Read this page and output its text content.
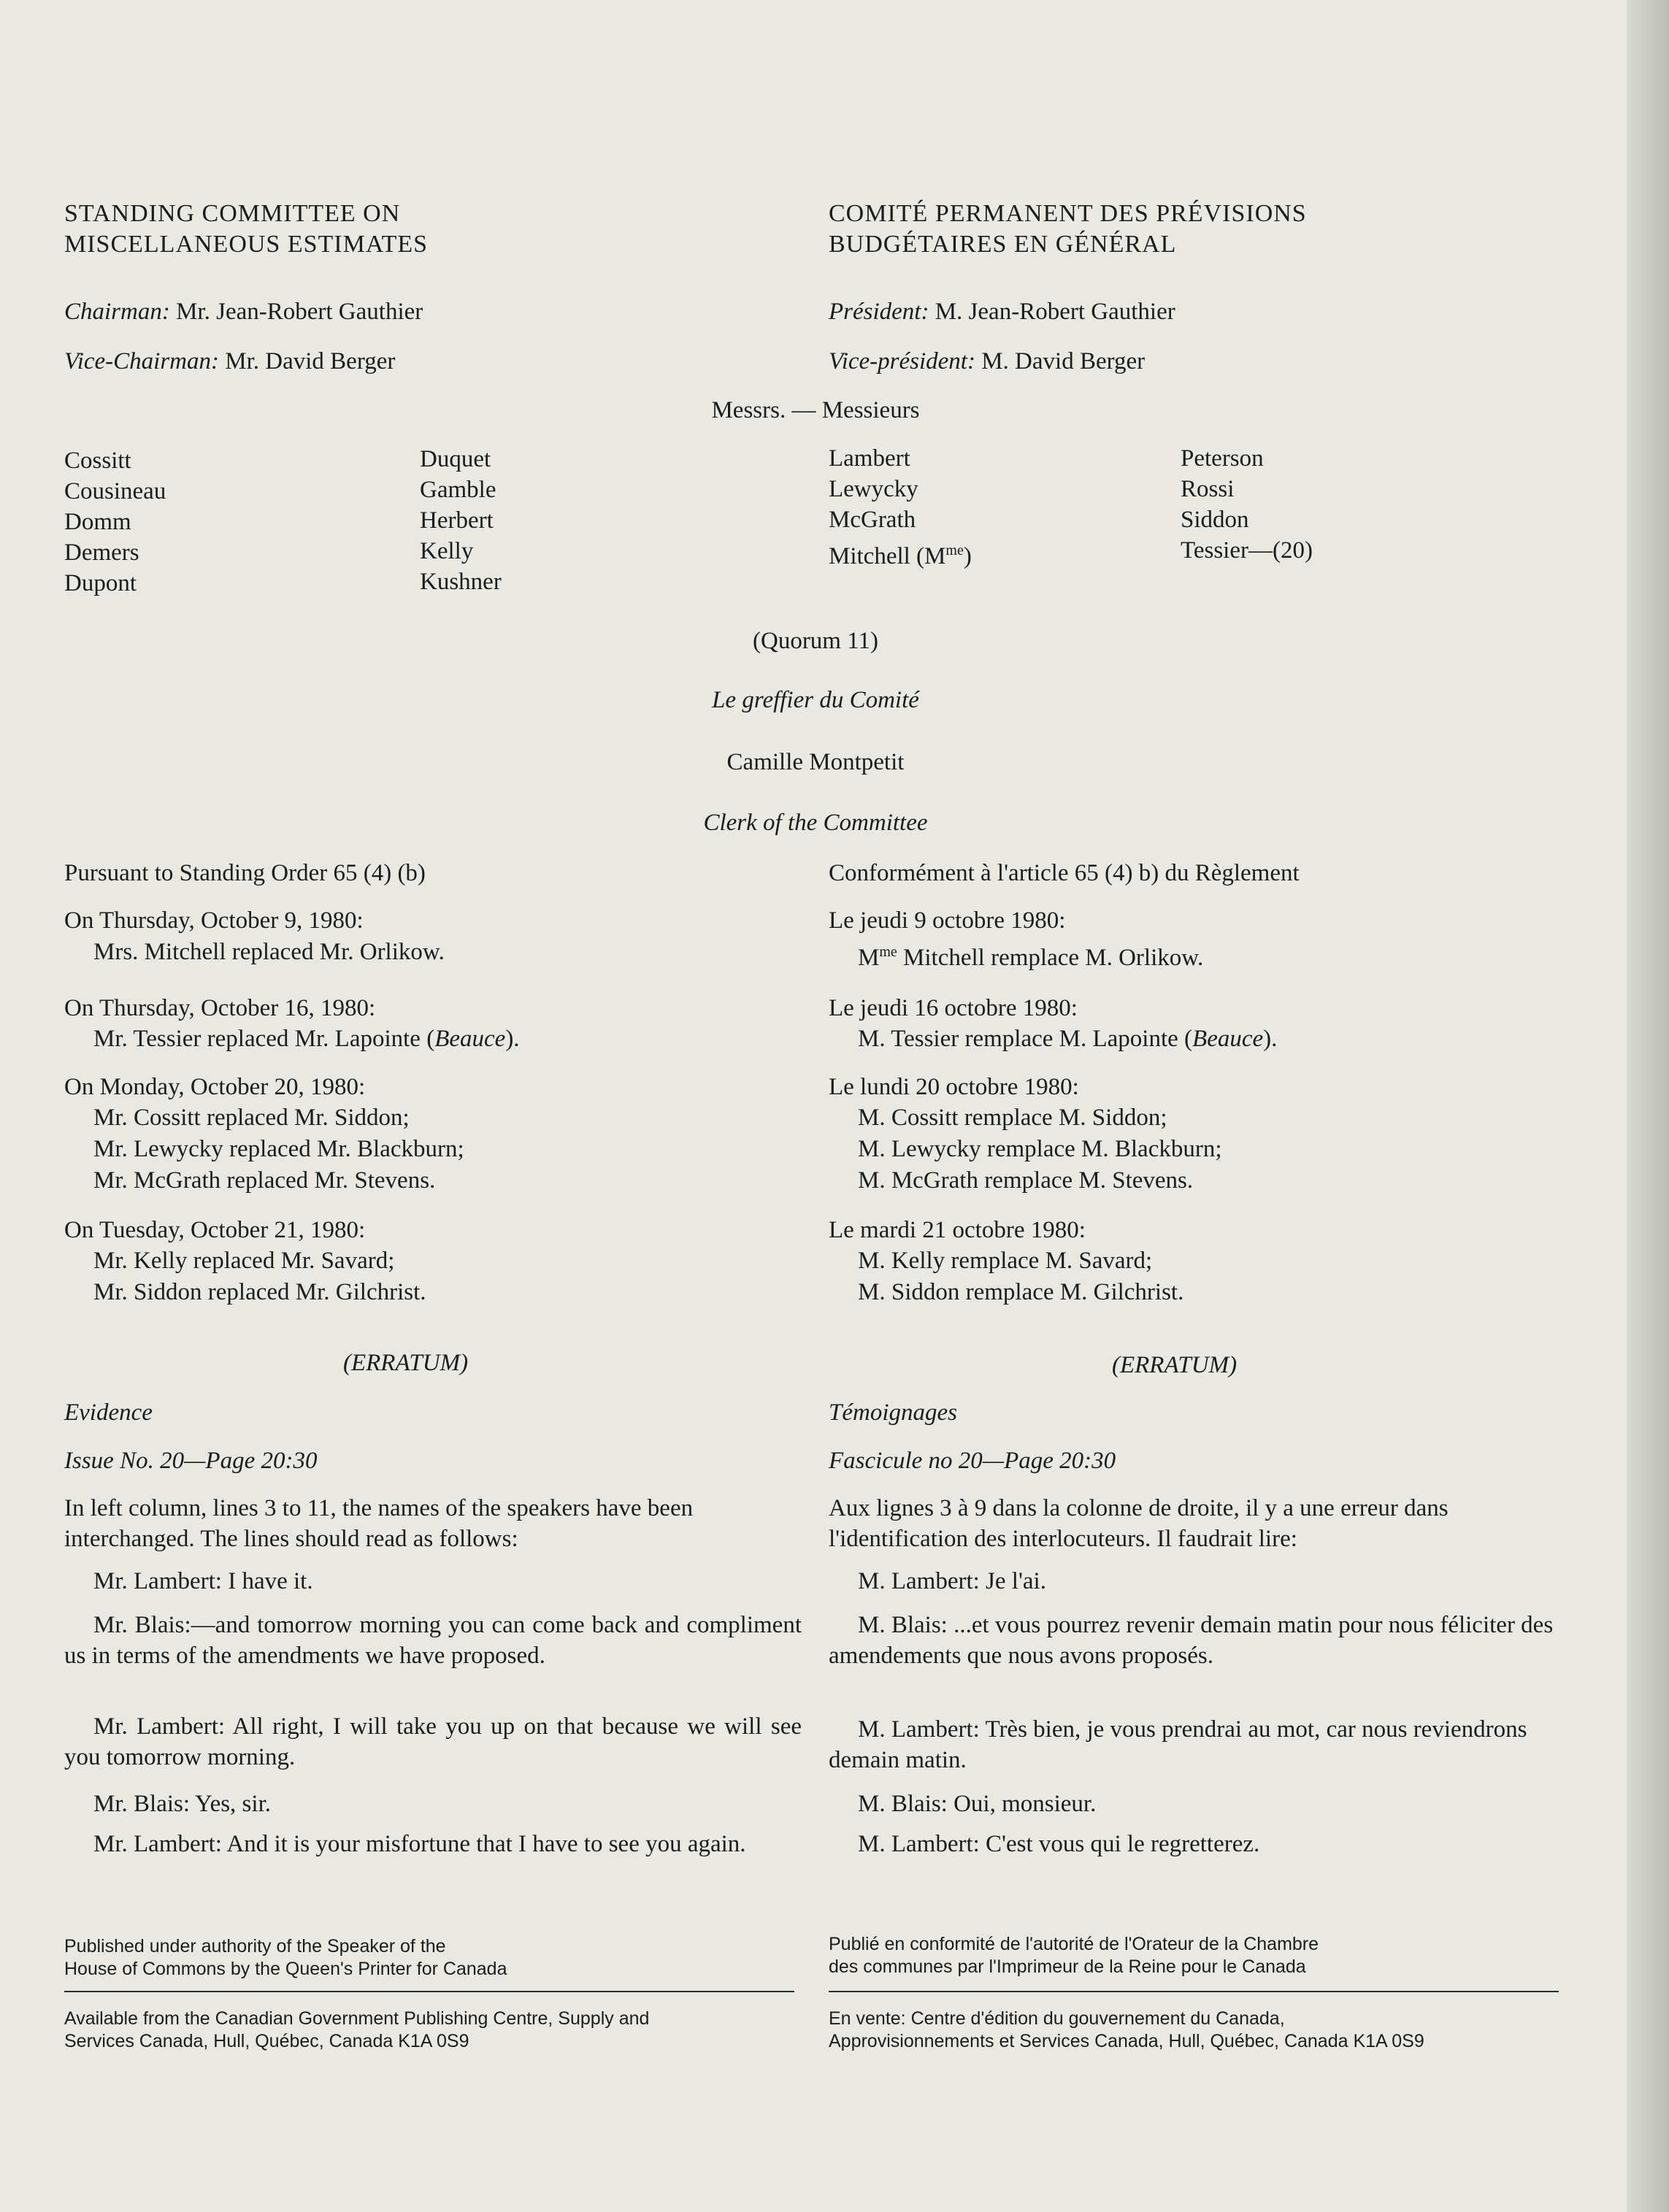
STANDING COMMITTEE ON
MISCELLANEOUS ESTIMATES
COMITÉ PERMANENT DES PRÉVISIONS
BUDGÉTAIRES EN GÉNÉRAL
Chairman: Mr. Jean-Robert Gauthier
Vice-Chairman: Mr. David Berger
Président: M. Jean-Robert Gauthier
Vice-président: M. David Berger
Messrs. — Messieurs
Cossitt
Cousineau
Domm
Demers
Dupont
Duquet
Gamble
Herbert
Kelly
Kushner
Lambert
Lewycky
McGrath
Mitchell $(M^{me})$
Peterson
Rossi
Siddon
Tessier—(20)
(Quorum 11)
Le greffier du Comité
Camille Montpetit
Clerk of the Committee
Pursuant to Standing Order 65 (4) (b)
On Thursday, October 9, 1980:
Mrs. Mitchell replaced Mr. Orlikow.
On Thursday, October 16, 1980:
Mr. Tessier replaced Mr. Lapointe (Beauce).
On Monday, October 20, 1980:
Mr. Cossitt replaced Mr. Siddon;
Mr. Lewycky replaced Mr. Blackburn;
Mr. McGrath replaced Mr. Stevens.
On Tuesday, October 21, 1980:
Mr. Kelly replaced Mr. Savard;
Mr. Siddon replaced Mr. Gilchrist.
(ERRATUM)
Evidence
Issue No. 20—Page 20:30
In left column, lines 3 to 11, the names of the speakers have been interchanged. The lines should read as follows:
Mr. Lambert: I have it.
Mr. Blais:—and tomorrow morning you can come back and compliment us in terms of the amendments we have proposed.
Mr. Lambert: All right, I will take you up on that because we will see you tomorrow morning.
Mr. Blais: Yes, sir.
Mr. Lambert: And it is your misfortune that I have to see you again.
Published under authority of the Speaker of the
House of Commons by the Queen's Printer for Canada
Available from the Canadian Government Publishing Centre, Supply and
Services Canada, Hull, Québec, Canada K1A 0S9
Conformément à l'article 65 (4) b) du Règlement
Le jeudi 9 octobre 1980:
$M^{me}$ Mitchell remplace M. Orlikow.
Le jeudi 16 octobre 1980:
M. Tessier remplace M. Lapointe (Beauce).
Le lundi 20 octobre 1980:
M. Cossitt remplace M. Siddon;
M. Lewycky remplace M. Blackburn;
M. McGrath remplace M. Stevens.
Le mardi 21 octobre 1980:
M. Kelly remplace M. Savard;
M. Siddon remplace M. Gilchrist.
(ERRATUM)
Témoignages
Fascicule no 20—Page 20:30
Aux lignes 3 à 9 dans la colonne de droite, il y a une erreur dans l'identification des interlocuteurs. Il faudrait lire:
M. Lambert: Je l'ai.
M. Blais: ...et vous pourrez revenir demain matin pour nous féliciter des amendements que nous avons proposés.
M. Lambert: Très bien, je vous prendrai au mot, car nous reviendrons demain matin.
M. Blais: Oui, monsieur.
M. Lambert: C'est vous qui le regretterez.
Publié en conformité de l'autorité de l'Orateur de la Chambre
des communes par l'Imprimeur de la Reine pour le Canada
En vente: Centre d'édition du gouvernement du Canada,
Approvisionnements et Services Canada, Hull, Québec, Canada K1A 0S9
